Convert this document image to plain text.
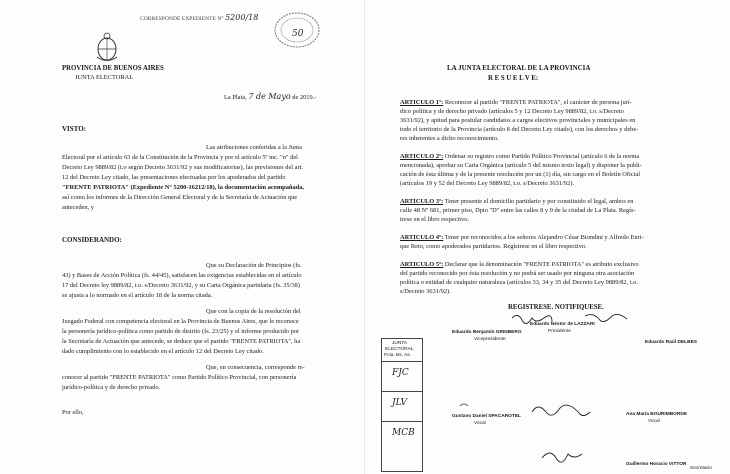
CORRESPONDE EXPEDIENTE N° 5200/18
50
PROVINCIA DE BUENOS AIRES
JUNTA ELECTORAL
La Plata, 7 de Mayo de 2019.-
VISTO:
Las atribuciones conferidas a la Junta
Electoral por el artículo 63 de la Constitución de la Provincia y por el artículo 5º inc. "n" del
Decreto Ley 9889/82 (t.o según Decreto 3631/92 y sus modificatorias), las previsiones del art.
12 del Decreto Ley citado, las presentaciones efectuadas por los apoderados del partido
"FRENTE PATRIOTA" (Expediente N° 5200-16212/18), la documentación acompañada,
así como los informes de la Dirección General Electoral y de la Secretaría de Actuación que
anteceden, y
CONSIDERANDO:
Que su Declaración de Principios (fs.
43) y Bases de Acción Política (fs. 44/45), satisfacen las exigencias establecidas en el artículo
17 del Decreto ley 9889/82, t.o. s/Decreto 3631/92, y su Carta Orgánica partidaria (fs. 35/38)
se ajusta a lo normado en el artículo 18 de la norma citada.
Que con la copia de la resolución del
Juzgado Federal con competencia electoral en la Provincia de Buenos Aires, que le reconoce
la personería jurídico-política como partido de distrito (fs. 23/25) y el informe producido por
la Secretaría de Actuación que antecede, se deduce que el partido "FRENTE PATRIOTA", ha
dado cumplimiento con lo establecido en el artículo 12 del Decreto Ley citado.
Que, en consecuencia, corresponde re-
conocer al partido "FRENTE PATRIOTA" como Partido Político Provincial, con personería
jurídico-política y de derecho privado.
Por ello,
LA JUNTA ELECTORAL DE LA PROVINCIA
R E S U E L V E:
ARTICULO 1º: Reconocer al partido "FRENTE PATRIOTA", el carácter de persona jurí-
dico política y de derecho privado (artículos 5 y 12 Decreto Ley 9889/82, t.o. s/Decreto
3631/92), y apitud para postular candidatos a cargos electivos provinciales y municipales en
todo el territorio de la Provincia (artículo 8 del Decreto Ley citado), con los derechos y debe-
res inherentes a dicho reconocimiento.
ARTICULO 2º: Ordenar su registro como Partido Político Provincial (artículo 6 de la norma
mencionada), aprobar su Carta Orgánica (artículo 5 del mismo texto legal) y disponer la publi-
cación de ésta última y de la presente resolución por un (1) día, sin cargo en el Boletín Oficial
(artículos 19 y 52 del Decreto Ley 9889/82, t.o. s/Decreto 3631/92).
ARTICULO 3º: Tener presente el domicilio partidario y por constituido el legal, ambos en
calle 48 Nº 681, primer piso, Dpto "D" entre las calles 8 y 9 de la ciudad de La Plata. Regís-
trese en el libro respectivo.
ARTICULO 4º: Tener por reconocidos a los señores Alejandro César Biondini y Alfredo Enri-
que Reto, como apoderados partidarios. Regístrese en el libro respectivo.
ARTICULO 5º: Declarar que la denominación "FRENTE PATRIOTA" es atributo exclusivo
del partido reconocido por ésta resolución y no podrá ser usado por ninguna otra asociación
política o entidad de cualquier naturaleza (artículos 33, 34 y 35 del Decreto Ley 9889/82, t.o.
s/Decreto 3631/92).
REGISTRESE. NOTIFIQUESE.
Eduardo Benjamín GRINBERG
Vicepresidente
Eduardo Néstor de LAZZARI
Presidente
Eduardo Raúl DELBES
Ana María BOURIMBORDE
Vocal
Gustavo Daniel SPACAROTEL
Vocal
Guillermo Horacio VITTOR
Secretario
JUNTA
ELECTORAL
Pcia. Bs. As.
FJC
JLV
MCB
